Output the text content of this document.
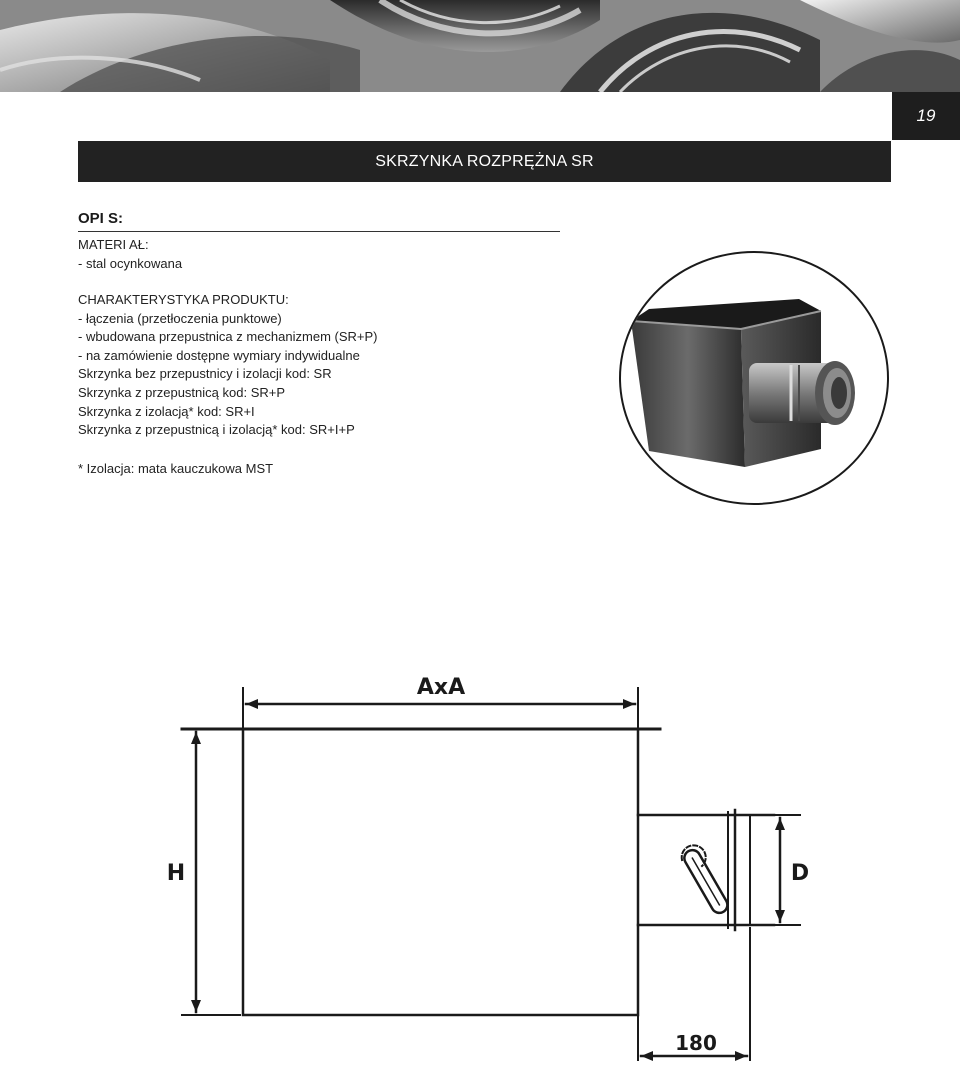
19
SKRZYNKA ROZPRĘŻNA SR
OPI S:
MATERI AŁ:
- stal ocynkowana
CHARAKTERYSTYKA PRODUKTU:
- łączenia (przetłoczenia punktowe)
- wbudowana przepustnica z mechanizmem (SR+P)
- na zamówienie dostępne wymiary indywidualne
Skrzynka bez przepustnicy i izolacji kod: SR
Skrzynka z przepustnicą kod: SR+P
Skrzynka z izolacją* kod: SR+I
Skrzynka z przepustnicą i izolacją* kod: SR+I+P
* Izolacja: mata kauczukowa MST
AxA
H	D
180
